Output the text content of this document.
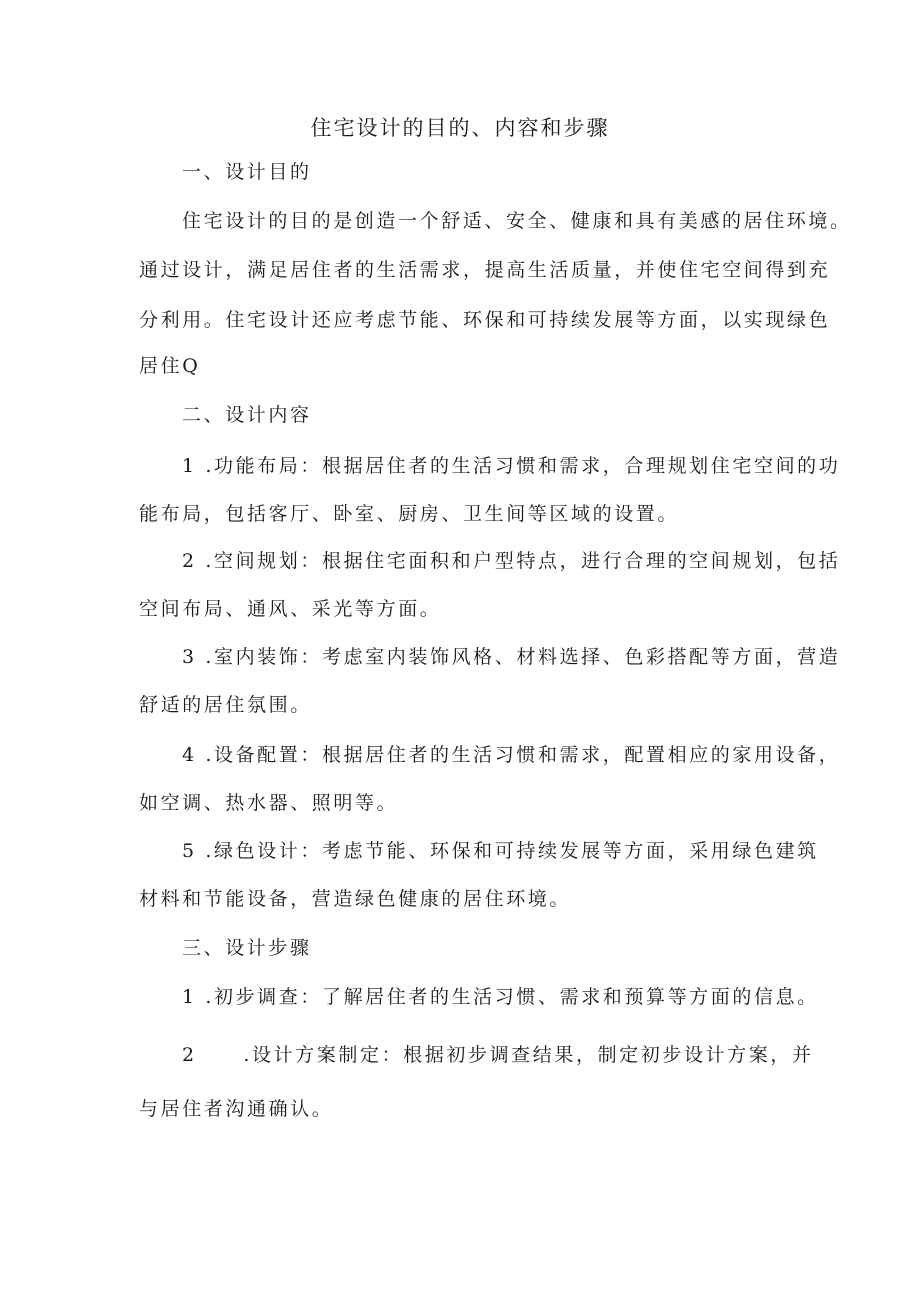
住宅设计的目的、内容和步骤
一、设计目的
住宅设计的目的是创造一个舒适、安全、健康和具有美感的居住环境。
通过设计，满足居住者的生活需求，提高生活质量，并使住宅空间得到充
分利用。住宅设计还应考虑节能、环保和可持续发展等方面，以实现绿色
居住Q
二、设计内容
1 .功能布局：根据居住者的生活习惯和需求，合理规划住宅空间的功
能布局，包括客厅、卧室、厨房、卫生间等区域的设置。
2 .空间规划：根据住宅面积和户型特点，进行合理的空间规划，包括
空间布局、通风、采光等方面。
3 .室内装饰：考虑室内装饰风格、材料选择、色彩搭配等方面，营造
舒适的居住氛围。
4 .设备配置：根据居住者的生活习惯和需求，配置相应的家用设备，
如空调、热水器、照明等。
5 .绿色设计：考虑节能、环保和可持续发展等方面，采用绿色建筑
材料和节能设备，营造绿色健康的居住环境。
三、设计步骤
1 .初步调查：了解居住者的生活习惯、需求和预算等方面的信息。
2 .设计方案制定：根据初步调查结果，制定初步设计方案，并
与居住者沟通确认。
